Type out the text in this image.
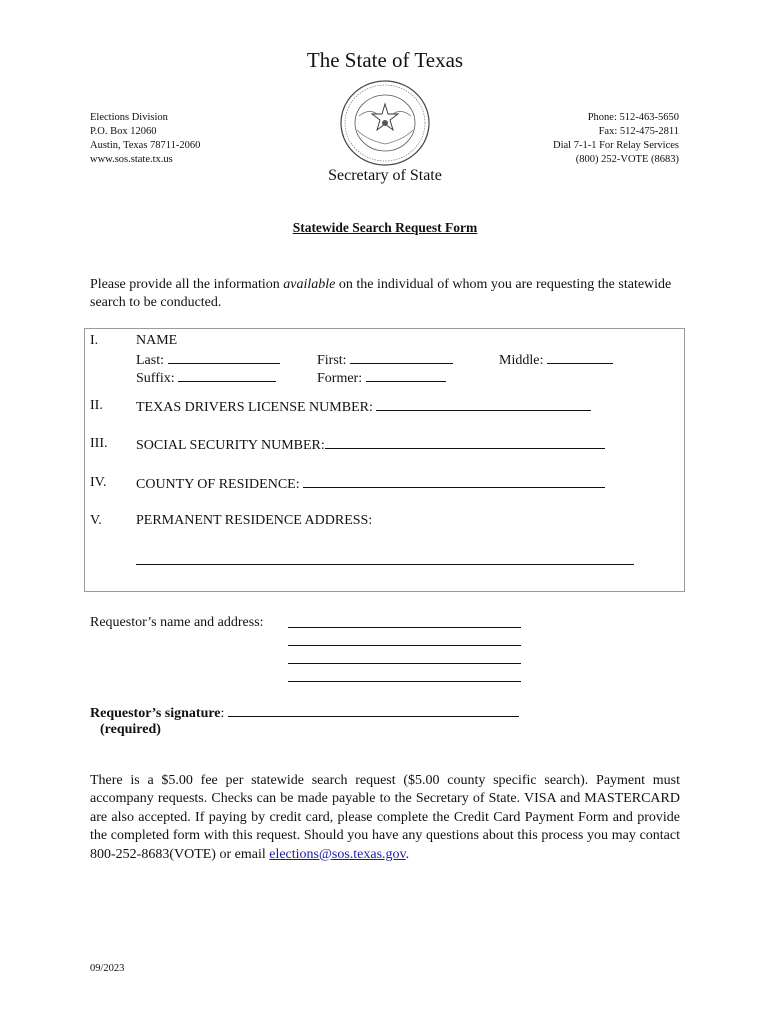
The State of Texas
Elections Division
P.O. Box 12060
Austin, Texas 78711-2060
www.sos.state.tx.us
Phone: 512-463-5650
Fax: 512-475-2811
Dial 7-1-1 For Relay Services
(800) 252-VOTE (8683)
Secretary of State
Statewide Search Request Form
Please provide all the information available on the individual of whom you are requesting the statewide search to be conducted.
I.	NAME
Last:	First:	Middle:
Suffix:	Former:
II. TEXAS DRIVERS LICENSE NUMBER:
III. SOCIAL SECURITY NUMBER:
IV. COUNTY OF RESIDENCE:
V. PERMANENT RESIDENCE ADDRESS:
Requestor’s name and address:
Requestor’s signature:
(required)
There is a $5.00 fee per statewide search request ($5.00 county specific search). Payment must accompany requests. Checks can be made payable to the Secretary of State. VISA and MASTERCARD are also accepted. If paying by credit card, please complete the Credit Card Payment Form and provide the completed form with this request. Should you have any questions about this process you may contact 800-252-8683(VOTE) or email elections@sos.texas.gov.
09/2023
